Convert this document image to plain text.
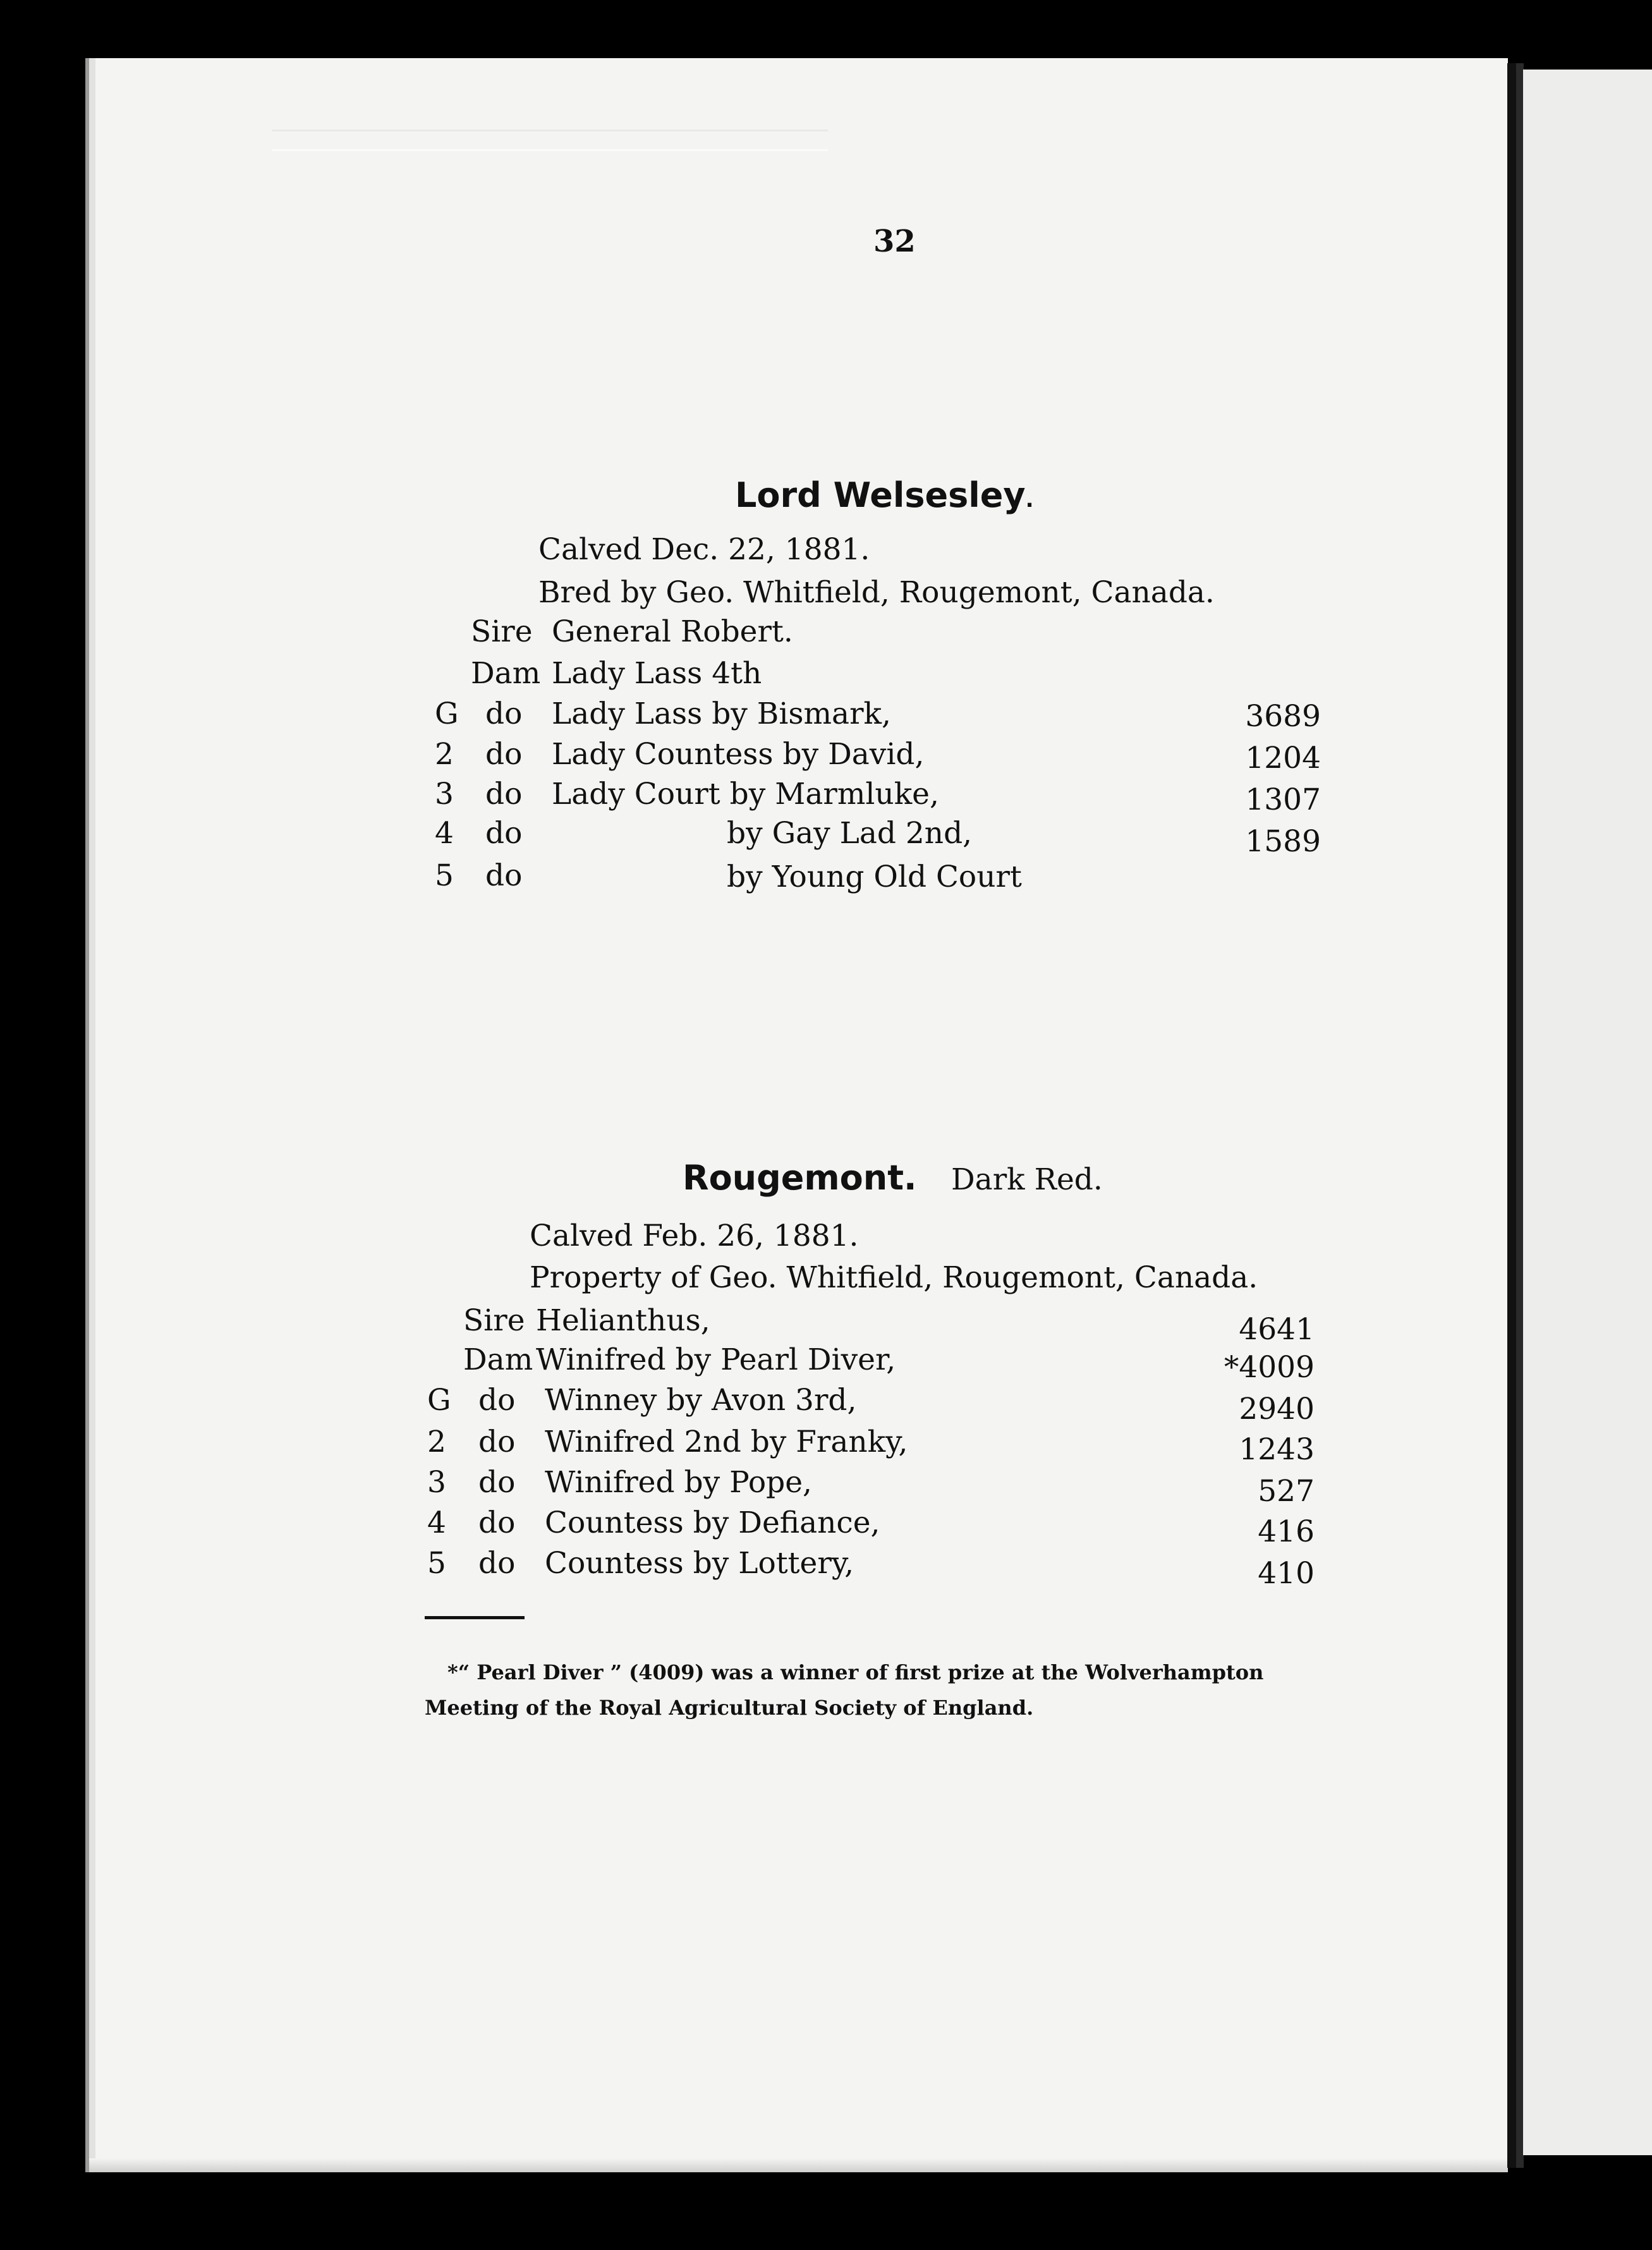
32
Lord Welsesley.
Calved Dec. 22, 1881.
Bred by Geo. Whitfield, Rougemont, Canada.
Sire General Robert.
Dam Lady Lass 4th
G do Lady Lass by Bismark,	3689
2 do Lady Countess by David,	1204
3 do Lady Court by Marmluke,	1307
4 do	by Gay Lad 2nd,	1589
5 do	by Young Old Court
Rougemont. Dark Red.
Calved Feb. 26, 1881.
Property of Geo. Whitfield, Rougemont, Canada.
Sire Helianthus,	4641
Dam Winifred by Pearl Diver,	*4009
G do Winney by Avon 3rd,	2940
2 do Winifred 2nd by Franky,	1243
3 do Winifred by Pope,	527
4 do Countess by Defiance,	416
5 do Countess by Lottery,	410
*“ Pearl Diver ” (4009) was a winner of first prize at the Wolverhampton
Meeting of the Royal Agricultural Society of England.
